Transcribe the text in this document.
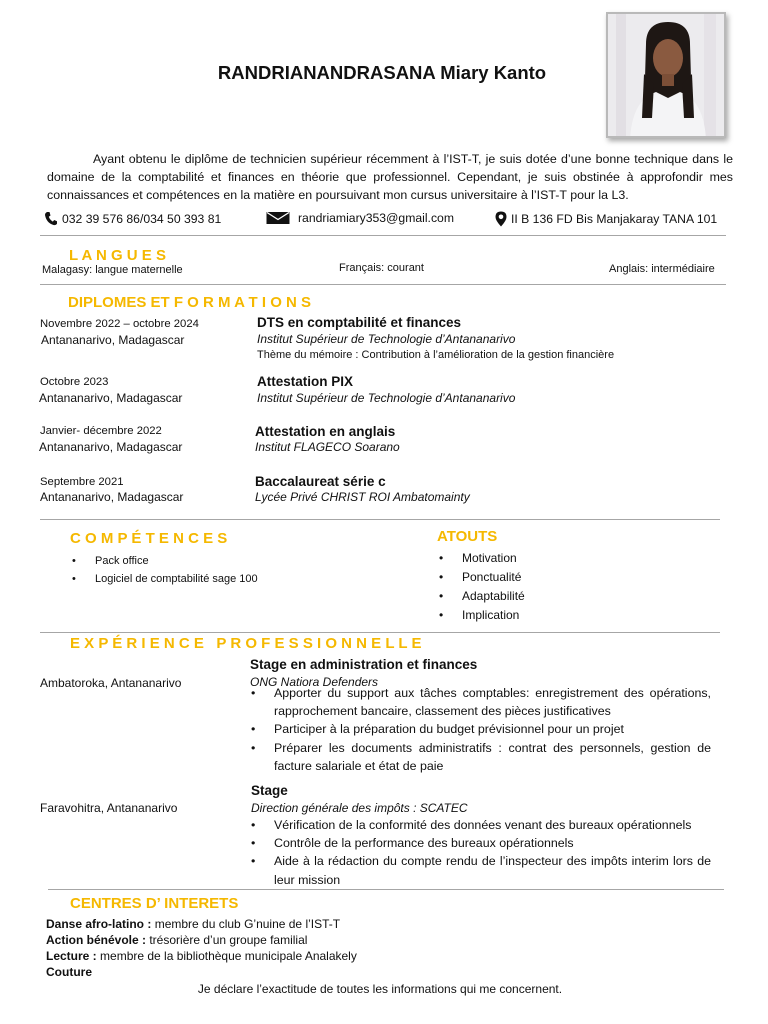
RANDRIANANDRASANA Miary Kanto

Ayant obtenu le diplôme de technicien supérieur récemment à l’IST-T, je suis dotée d’une bonne technique dans le domaine de la comptabilité et finances en théorie que professionnel. Cependant, je suis obstinée à approfondir mes connaissances et compétences en la matière en poursuivant mon cursus universitaire à l’IST-T pour la L3.

032 39 576 86/034 50 393 81	randriamiary353@gmail.com	II B 136 FD Bis Manjakaray TANA 101
L A N G U E S
Malagasy: langue maternelle	Français: courant	Anglais: intermédiaire
DIPLOMES ET F O R M A T I O N S
Novembre 2022 – octobre 2024
Antananarivo, Madagascar
DTS en comptabilité et finances
Institut Supérieur de Technologie d’Antananarivo
Thème du mémoire : Contribution à l’amélioration de la gestion financière
Octobre 2023
Antananarivo, Madagascar
Attestation PIX
Institut Supérieur de Technologie d’Antananarivo
Janvier- décembre 2022
Antananarivo, Madagascar
Attestation en anglais
Institut FLAGECO Soarano
Septembre 2021
Antananarivo, Madagascar
Baccalaureat série c
Lycée Privé CHRIST ROI Ambatomainty
C O M P É T E N C E S
• Pack office
• Logiciel de comptabilité sage 100
ATOUTS
• Motivation
• Ponctualité
• Adaptabilité
• Implication
E X P É R I E N C E   P R O F E S S I O N N E L L E
Ambatoroka, Antananarivo
Stage en administration et finances
ONG Natiora Defenders
• Apporter du support aux tâches comptables: enregistrement des opérations, rapprochement bancaire, classement des pièces justificatives
• Participer à la préparation du budget prévisionnel pour un projet
• Préparer les documents administratifs : contrat des personnels, gestion de facture salariale et état de paie
Faravohitra, Antananarivo
Stage
Direction générale des impôts : SCATEC
• Vérification de la conformité des données venant des bureaux opérationnels
• Contrôle de la performance des bureaux opérationnels
• Aide à la rédaction du compte rendu de l’inspecteur des impôts interim lors de leur mission
CENTRES D’ INTERETS
Danse afro-latino : membre du club G’nuine de l’IST-T
Action bénévole : trésorière d’un groupe familial
Lecture : membre de la bibliothèque municipale Analakely
Couture
Je déclare l’exactitude de toutes les informations qui me concernent.
